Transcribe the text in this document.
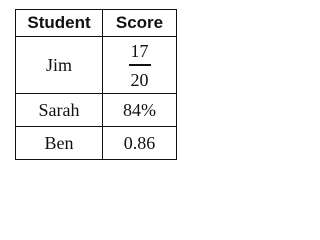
Student	Score
Jim	$\frac{17}{20}$

Sarah	84%
Ben	0.86
